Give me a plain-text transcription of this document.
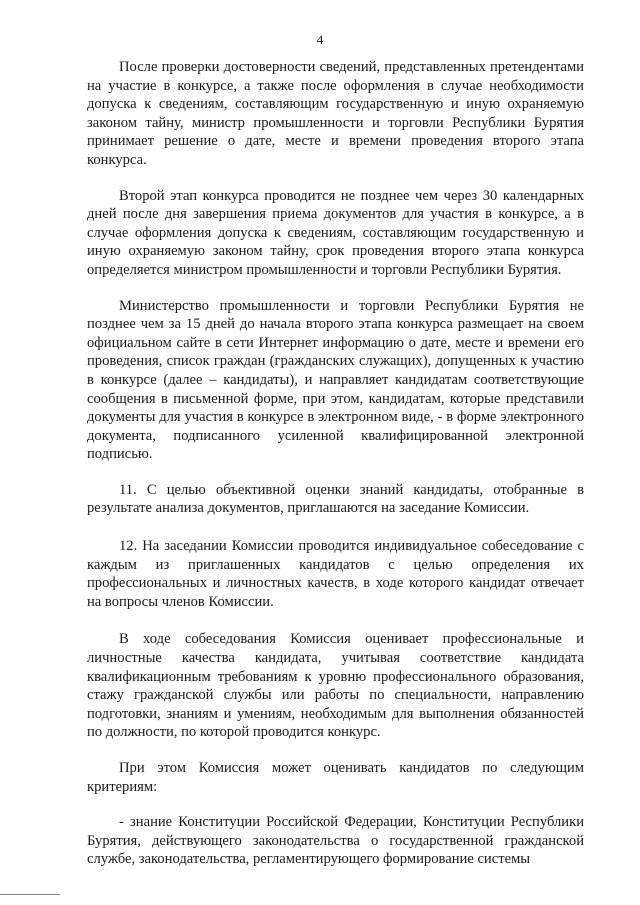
4

После проверки достоверности сведений, представленных претендентами на участие в конкурсе, а также после оформления в случае необходимости допуска к сведениям, составляющим государственную и иную охраняемую законом тайну, министр промышленности и торговли Республики Бурятия принимает решение о дате, месте и времени проведения второго этапа конкурса.

Второй этап конкурса проводится не позднее чем через 30 календарных дней после дня завершения приема документов для участия в конкурсе, а в случае оформления допуска к сведениям, составляющим государственную и иную охраняемую законом тайну, срок проведения второго этапа конкурса определяется министром промышленности и торговли Республики Бурятия.

Министерство промышленности и торговли Республики Бурятия не позднее чем за 15 дней до начала второго этапа конкурса размещает на своем официальном сайте в сети Интернет информацию о дате, месте и времени его проведения, список граждан (гражданских служащих), допущенных к участию в конкурсе (далее – кандидаты), и направляет кандидатам соответствующие сообщения в письменной форме, при этом, кандидатам, которые представили документы для участия в конкурсе в электронном виде, - в форме электронного документа, подписанного усиленной квалифицированной электронной подписью.

11. С целью объективной оценки знаний кандидаты, отобранные в результате анализа документов, приглашаются на заседание Комиссии.

12. На заседании Комиссии проводится индивидуальное собеседование с каждым из приглашенных кандидатов с целью определения их профессиональных и личностных качеств, в ходе которого кандидат отвечает на вопросы членов Комиссии.

В ходе собеседования Комиссия оценивает профессиональные и личностные качества кандидата, учитывая соответствие кандидата квалификационным требованиям к уровню профессионального образования, стажу гражданской службы или работы по специальности, направлению подготовки, знаниям и умениям, необходимым для выполнения обязанностей по должности, по которой проводится конкурс.

При этом Комиссия может оценивать кандидатов по следующим критериям:

- знание Конституции Российской Федерации, Конституции Республики Бурятия, действующего законодательства о государственной гражданской службе, законодательства, регламентирующего формирование системы
